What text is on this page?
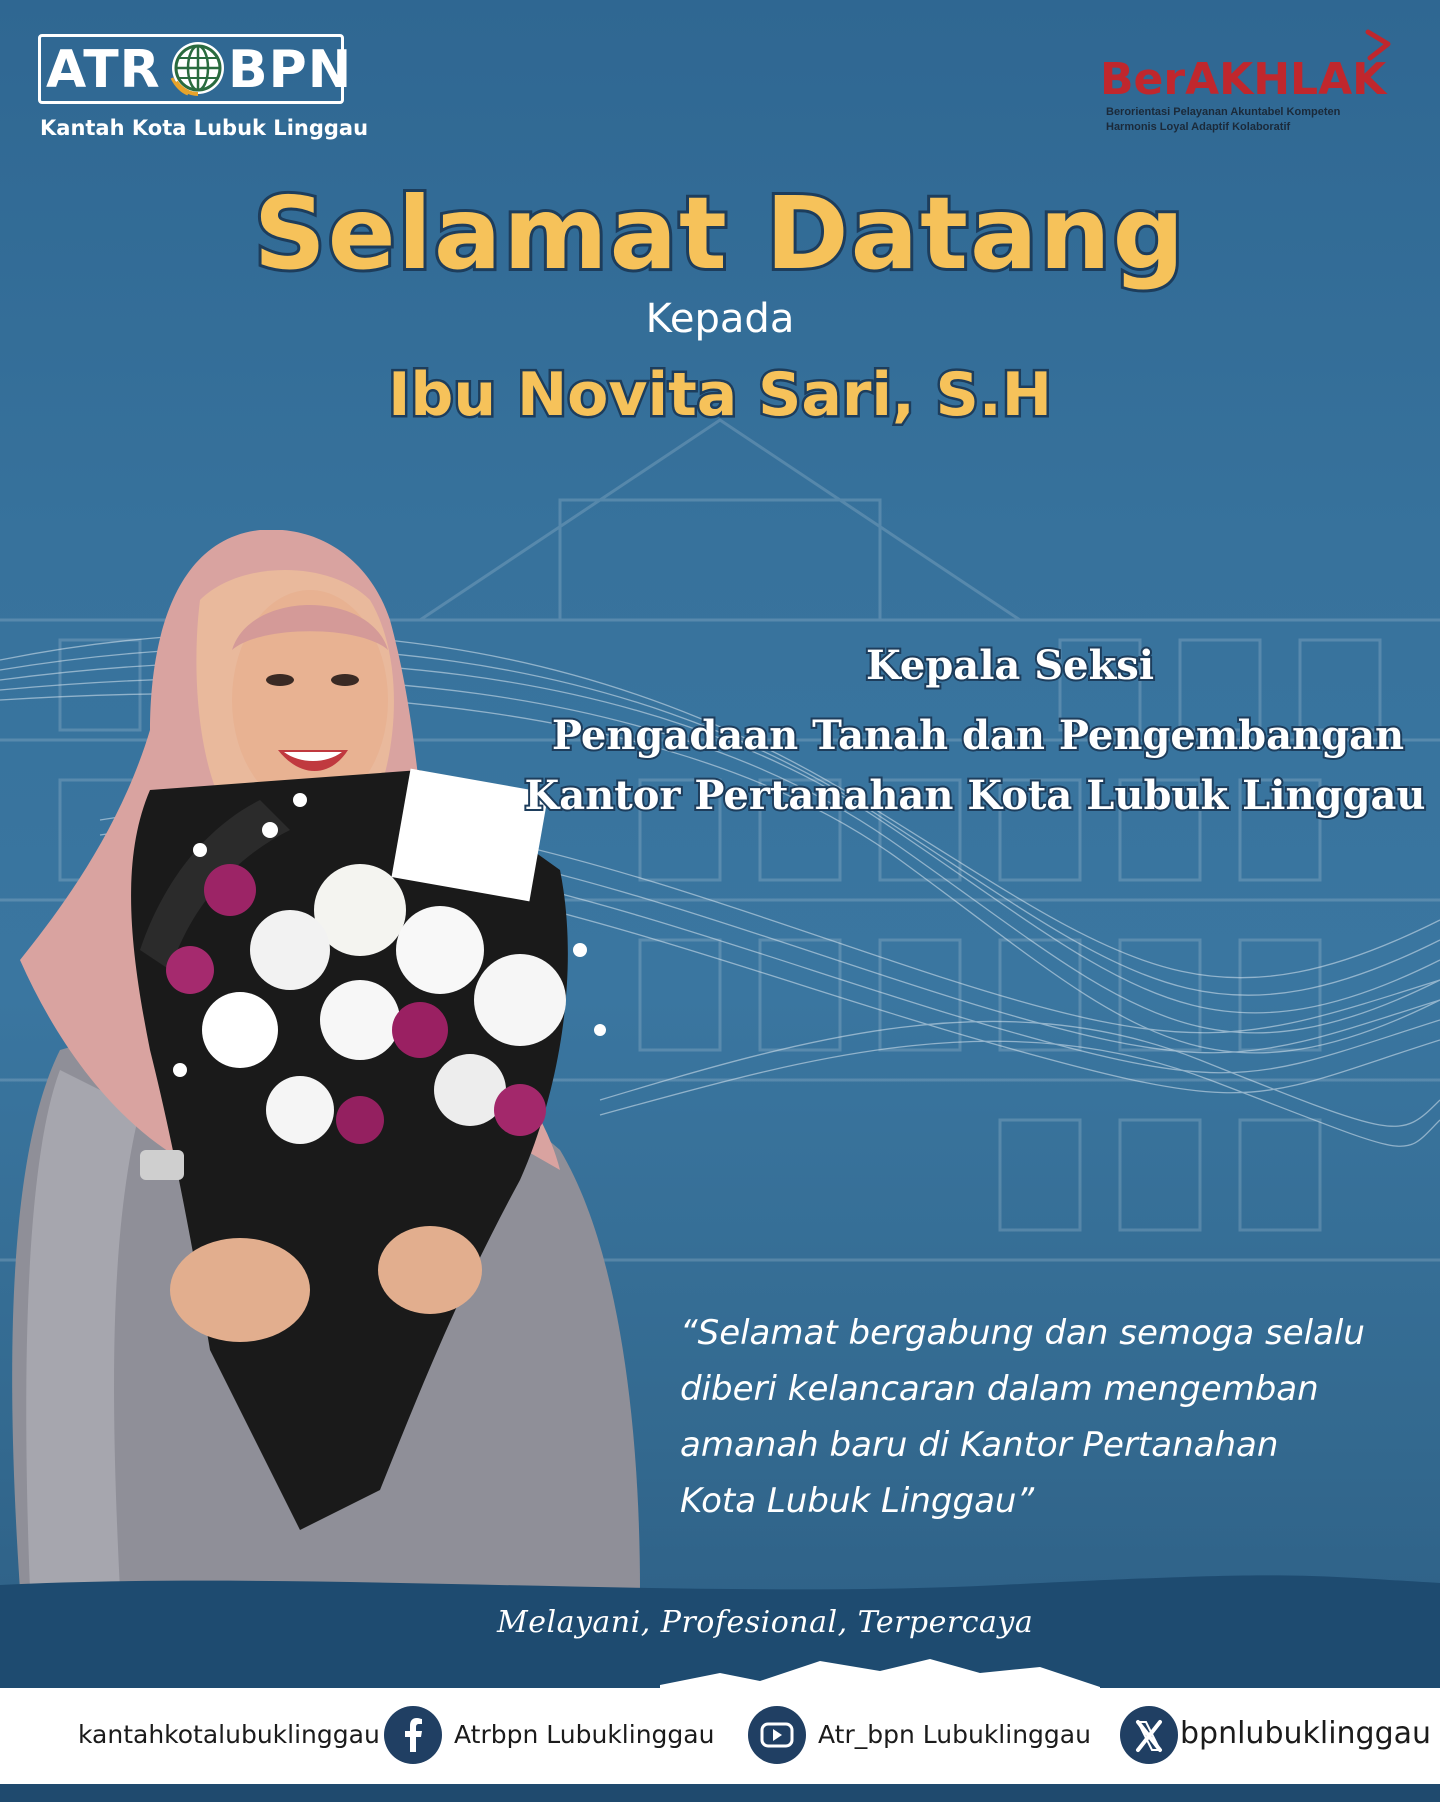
ATR BPN
Kantah Kota Lubuk Linggau
BerAKHLAK
Berorientasi Pelayanan Akuntabel Kompeten
Harmonis Loyal Adaptif Kolaboratif
Selamat Datang
Kepada
Ibu Novita Sari, S.H
Kepala Seksi
Pengadaan Tanah dan Pengembangan
Kantor Pertanahan Kota Lubuk Linggau
“Selamat bergabung dan semoga selalu
diberi kelancaran dalam mengemban
amanah baru di Kantor Pertanahan
Kota Lubuk Linggau”
Melayani, Profesional, Terpercaya
kantahkotalubuklinggau	Atrbpn Lubuklinggau	Atr_bpn Lubuklinggau	bpnlubuklinggau
